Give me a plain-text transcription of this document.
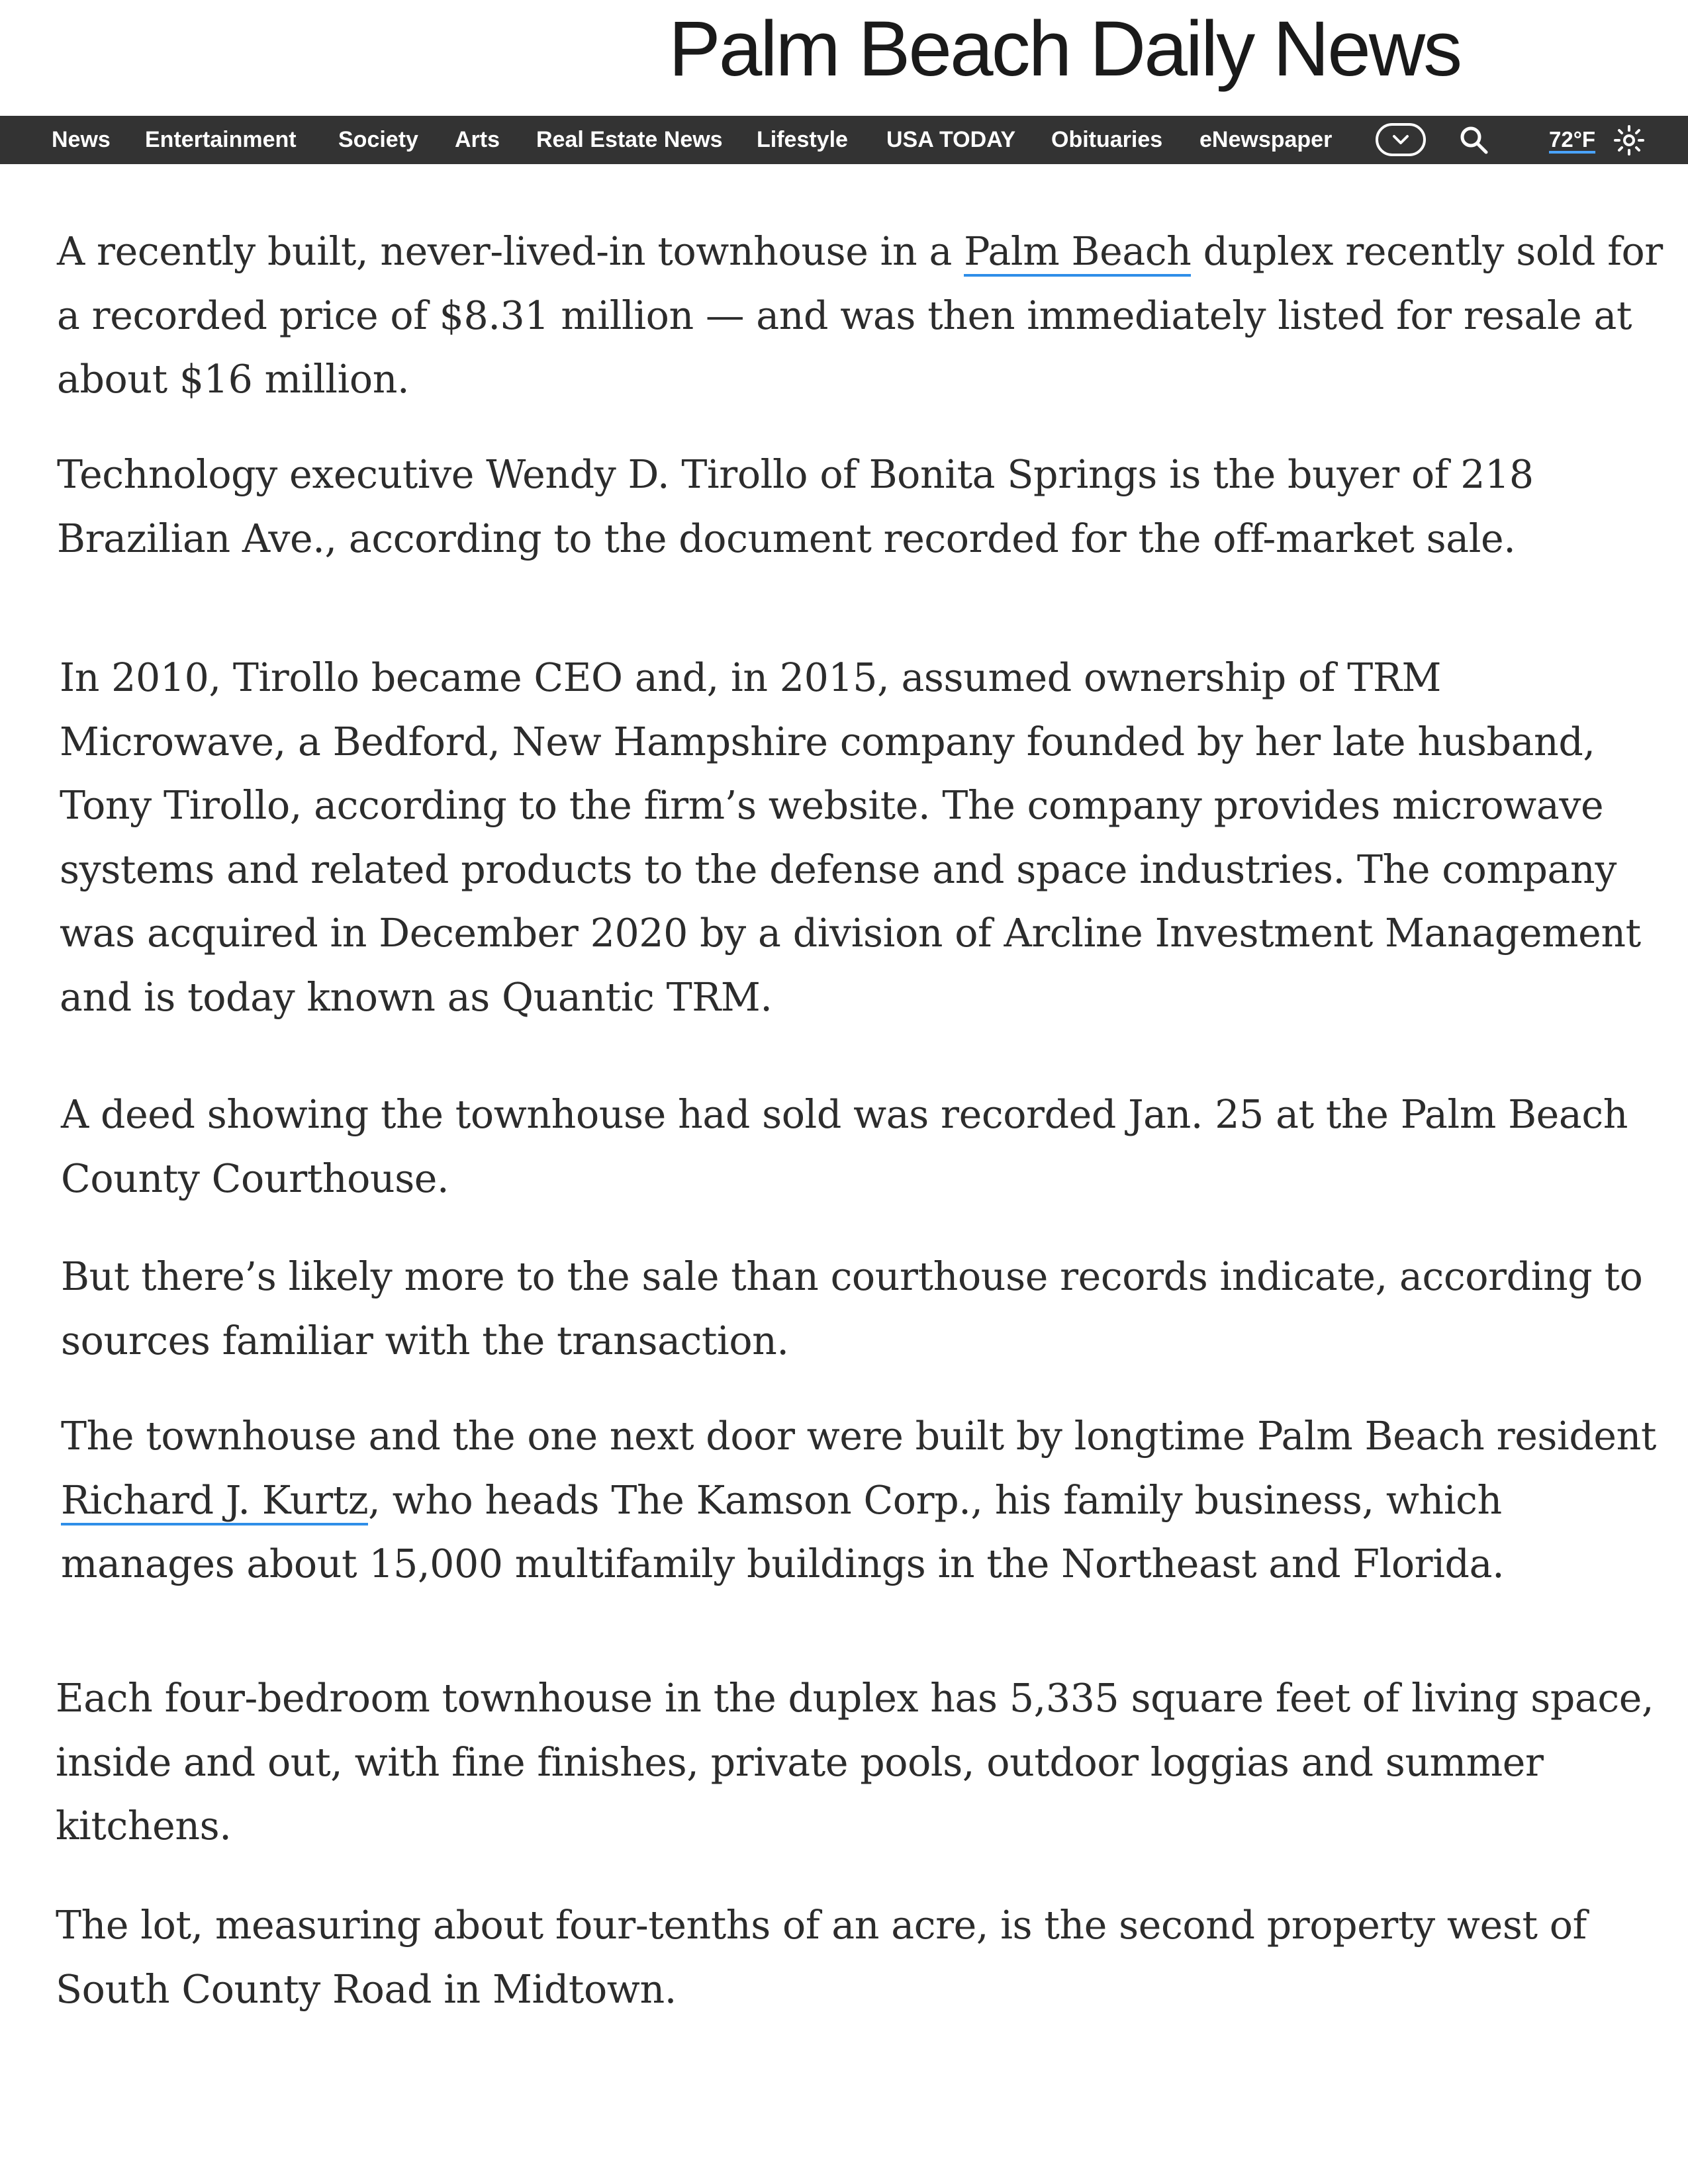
Palm Beach Daily News
News Entertainment Society Arts Real Estate News Lifestyle USA TODAY Obituaries eNewspaper	72°F

A recently built, never-lived-in townhouse in a Palm Beach duplex recently sold for a recorded price of $8.31 million — and was then immediately listed for resale at about $16 million.

Technology executive Wendy D. Tirollo of Bonita Springs is the buyer of 218 Brazilian Ave., according to the document recorded for the off-market sale.

In 2010, Tirollo became CEO and, in 2015, assumed ownership of TRM Microwave, a Bedford, New Hampshire company founded by her late husband, Tony Tirollo, according to the firm’s website. The company provides microwave systems and related products to the defense and space industries. The company was acquired in December 2020 by a division of Arcline Investment Management and is today known as Quantic TRM.

A deed showing the townhouse had sold was recorded Jan. 25 at the Palm Beach County Courthouse.

But there’s likely more to the sale than courthouse records indicate, according to sources familiar with the transaction.

The townhouse and the one next door were built by longtime Palm Beach resident Richard J. Kurtz, who heads The Kamson Corp., his family business, which manages about 15,000 multifamily buildings in the Northeast and Florida.

Each four-bedroom townhouse in the duplex has 5,335 square feet of living space, inside and out, with fine finishes, private pools, outdoor loggias and summer kitchens.

The lot, measuring about four-tenths of an acre, is the second property west of South County Road in Midtown.
